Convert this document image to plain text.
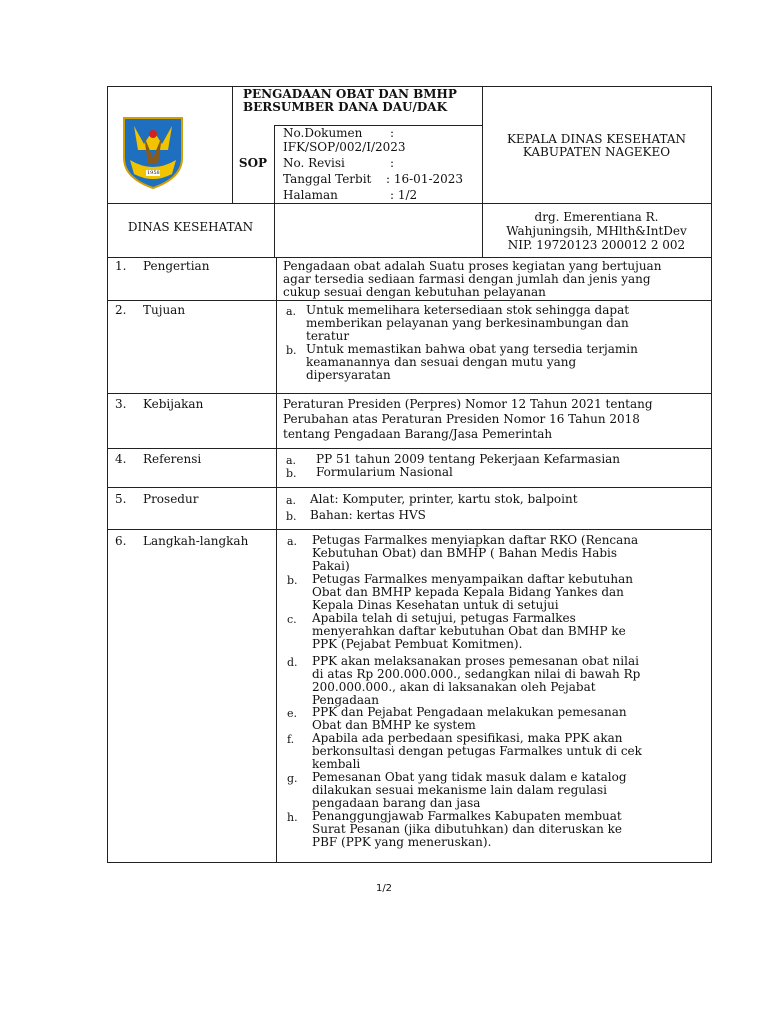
1958
PENGADAAN OBAT DAN BMHP
BERSUMBER DANA DAU/DAK
SOP
No.Dokumen :
IFK/SOP/002/I/2023
No. Revisi	:
Tanggal Terbit : 16-01-2023
Halaman	: 1/2
KEPALA DINAS KESEHATAN
KABUPATEN NAGEKEO
DINAS KESEHATAN
drg. Emerentiana R.
Wahjuningsih, MHlth&IntDev
NIP. 19720123 200012 2 002
1. Pengertian	Pengadaan obat adalah Suatu proses kegiatan yang bertujuan
agar tersedia sediaan farmasi dengan jumlah dan jenis yang
cukup sesuai dengan kebutuhan pelayanan
2. Tujuan	a. Untuk memelihara ketersediaan stok sehingga dapat
memberikan pelayanan yang berkesinambungan dan
teratur
b. Untuk memastikan bahwa obat yang tersedia terjamin
keamanannya dan sesuai dengan mutu yang
dipersyaratan
3. Kebijakan	Peraturan Presiden (Perpres) Nomor 12 Tahun 2021 tentang
Perubahan atas Peraturan Presiden Nomor 16 Tahun 2018
tentang Pengadaan Barang/Jasa Pemerintah
4. Referensi	a. PP 51 tahun 2009 tentang Pekerjaan Kefarmasian
b. Formularium Nasional
5. Prosedur	a. Alat: Komputer, printer, kartu stok, balpoint
b. Bahan: kertas HVS
6. Langkah-langkah	a. Petugas Farmalkes menyiapkan daftar RKO (Rencana
Kebutuhan Obat) dan BMHP ( Bahan Medis Habis
Pakai)
b. Petugas Farmalkes menyampaikan daftar kebutuhan
Obat dan BMHP kepada Kepala Bidang Yankes dan
Kepala Dinas Kesehatan untuk di setujui
c. Apabila telah di setujui, petugas Farmalkes
menyerahkan daftar kebutuhan Obat dan BMHP ke
PPK (Pejabat Pembuat Komitmen).
d. PPK akan melaksanakan proses pemesanan obat nilai
di atas Rp 200.000.000., sedangkan nilai di bawah Rp
200.000.000., akan di laksanakan oleh Pejabat
Pengadaan
e. PPK dan Pejabat Pengadaan melakukan pemesanan
Obat dan BMHP ke system
f. Apabila ada perbedaan spesifikasi, maka PPK akan
berkonsultasi dengan petugas Farmalkes untuk di cek
kembali
g. Pemesanan Obat yang tidak masuk dalam e katalog
dilakukan sesuai mekanisme lain dalam regulasi
pengadaan barang dan jasa
h. Penanggungjawab Farmalkes Kabupaten membuat
Surat Pesanan (jika dibutuhkan) dan diteruskan ke
PBF (PPK yang meneruskan).
1/2
